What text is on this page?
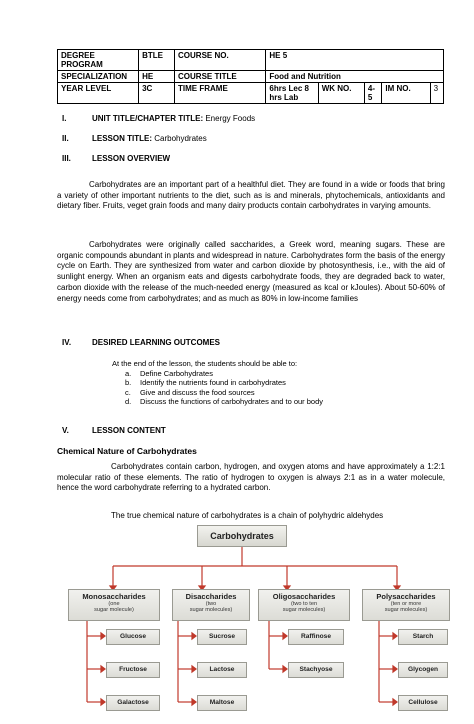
DEGREE PROGRAM	BTLE	COURSE NO.	HE 5				
SPECIALIZATION	HE	COURSE TITLE	Food and Nutrition				
YEAR LEVEL	3C	TIME FRAME	6hrs Lec 8 hrs Lab	WK NO.	4-5	IM NO.	3
I.	UNIT TITLE/CHAPTER TITLE: Energy Foods
II.	LESSON TITLE: Carbohydrates
III.	LESSON OVERVIEW
Carbohydrates are an important part of a healthful diet. They are found in a wide or foods that bring a variety of other important nutrients to the diet, such as is and minerals, phytochemicals, antioxidants and dietary fiber. Fruits, veget grain foods and many dairy products contain carbohydrates in varying amounts.
Carbohydrates were originally called saccharides, a Greek word, meaning sugars. These are organic compounds abundant in plants and widespread in nature. Carbohydrates form the basis of the energy cycle on Earth. They are synthesized from water and carbon dioxide by photosynthesis, i.e., with the aid of sunlight energy. When an organism eats and digests carbohydrate foods, they are degraded back to water, carbon dioxide with the release of the much-needed energy (measured as kcal or kJoules). About 50-60% of energy needs come from carbohydrates; and as much as 80% in low-income families
IV.	DESIRED LEARNING OUTCOMES
At the end of the lesson, the students should be able to:
a. Define Carbohydrates
b. Identify the nutrients found in carbohydrates
c. Give and discuss the food sources
d. Discuss the functions of carbohydrates and to our body
V.	LESSON CONTENT
Chemical Nature of Carbohydrates
Carbohydrates contain carbon, hydrogen, and oxygen atoms and have approximately a 1:2:1 molecular ratio of these elements. The ratio of hydrogen to oxygen is always 2:1 as in a water molecule, hence the word carbohydrate referring to a hydrated carbon.
The true chemical nature of carbohydrates is a chain of polyhydric aldehydes
Carbohydrates
Monosaccharides
(one
sugar molecule)
Disaccharides
(two
sugar molecules)
Oligosaccharides
(two to ten
sugar molecules)
Polysaccharides
(ten or more
sugar molecules)
Glucose
Fructose
Galactose
Sucrose
Lactose
Maltose
Raffinose
Stachyose
Starch
Glycogen
Cellulose
